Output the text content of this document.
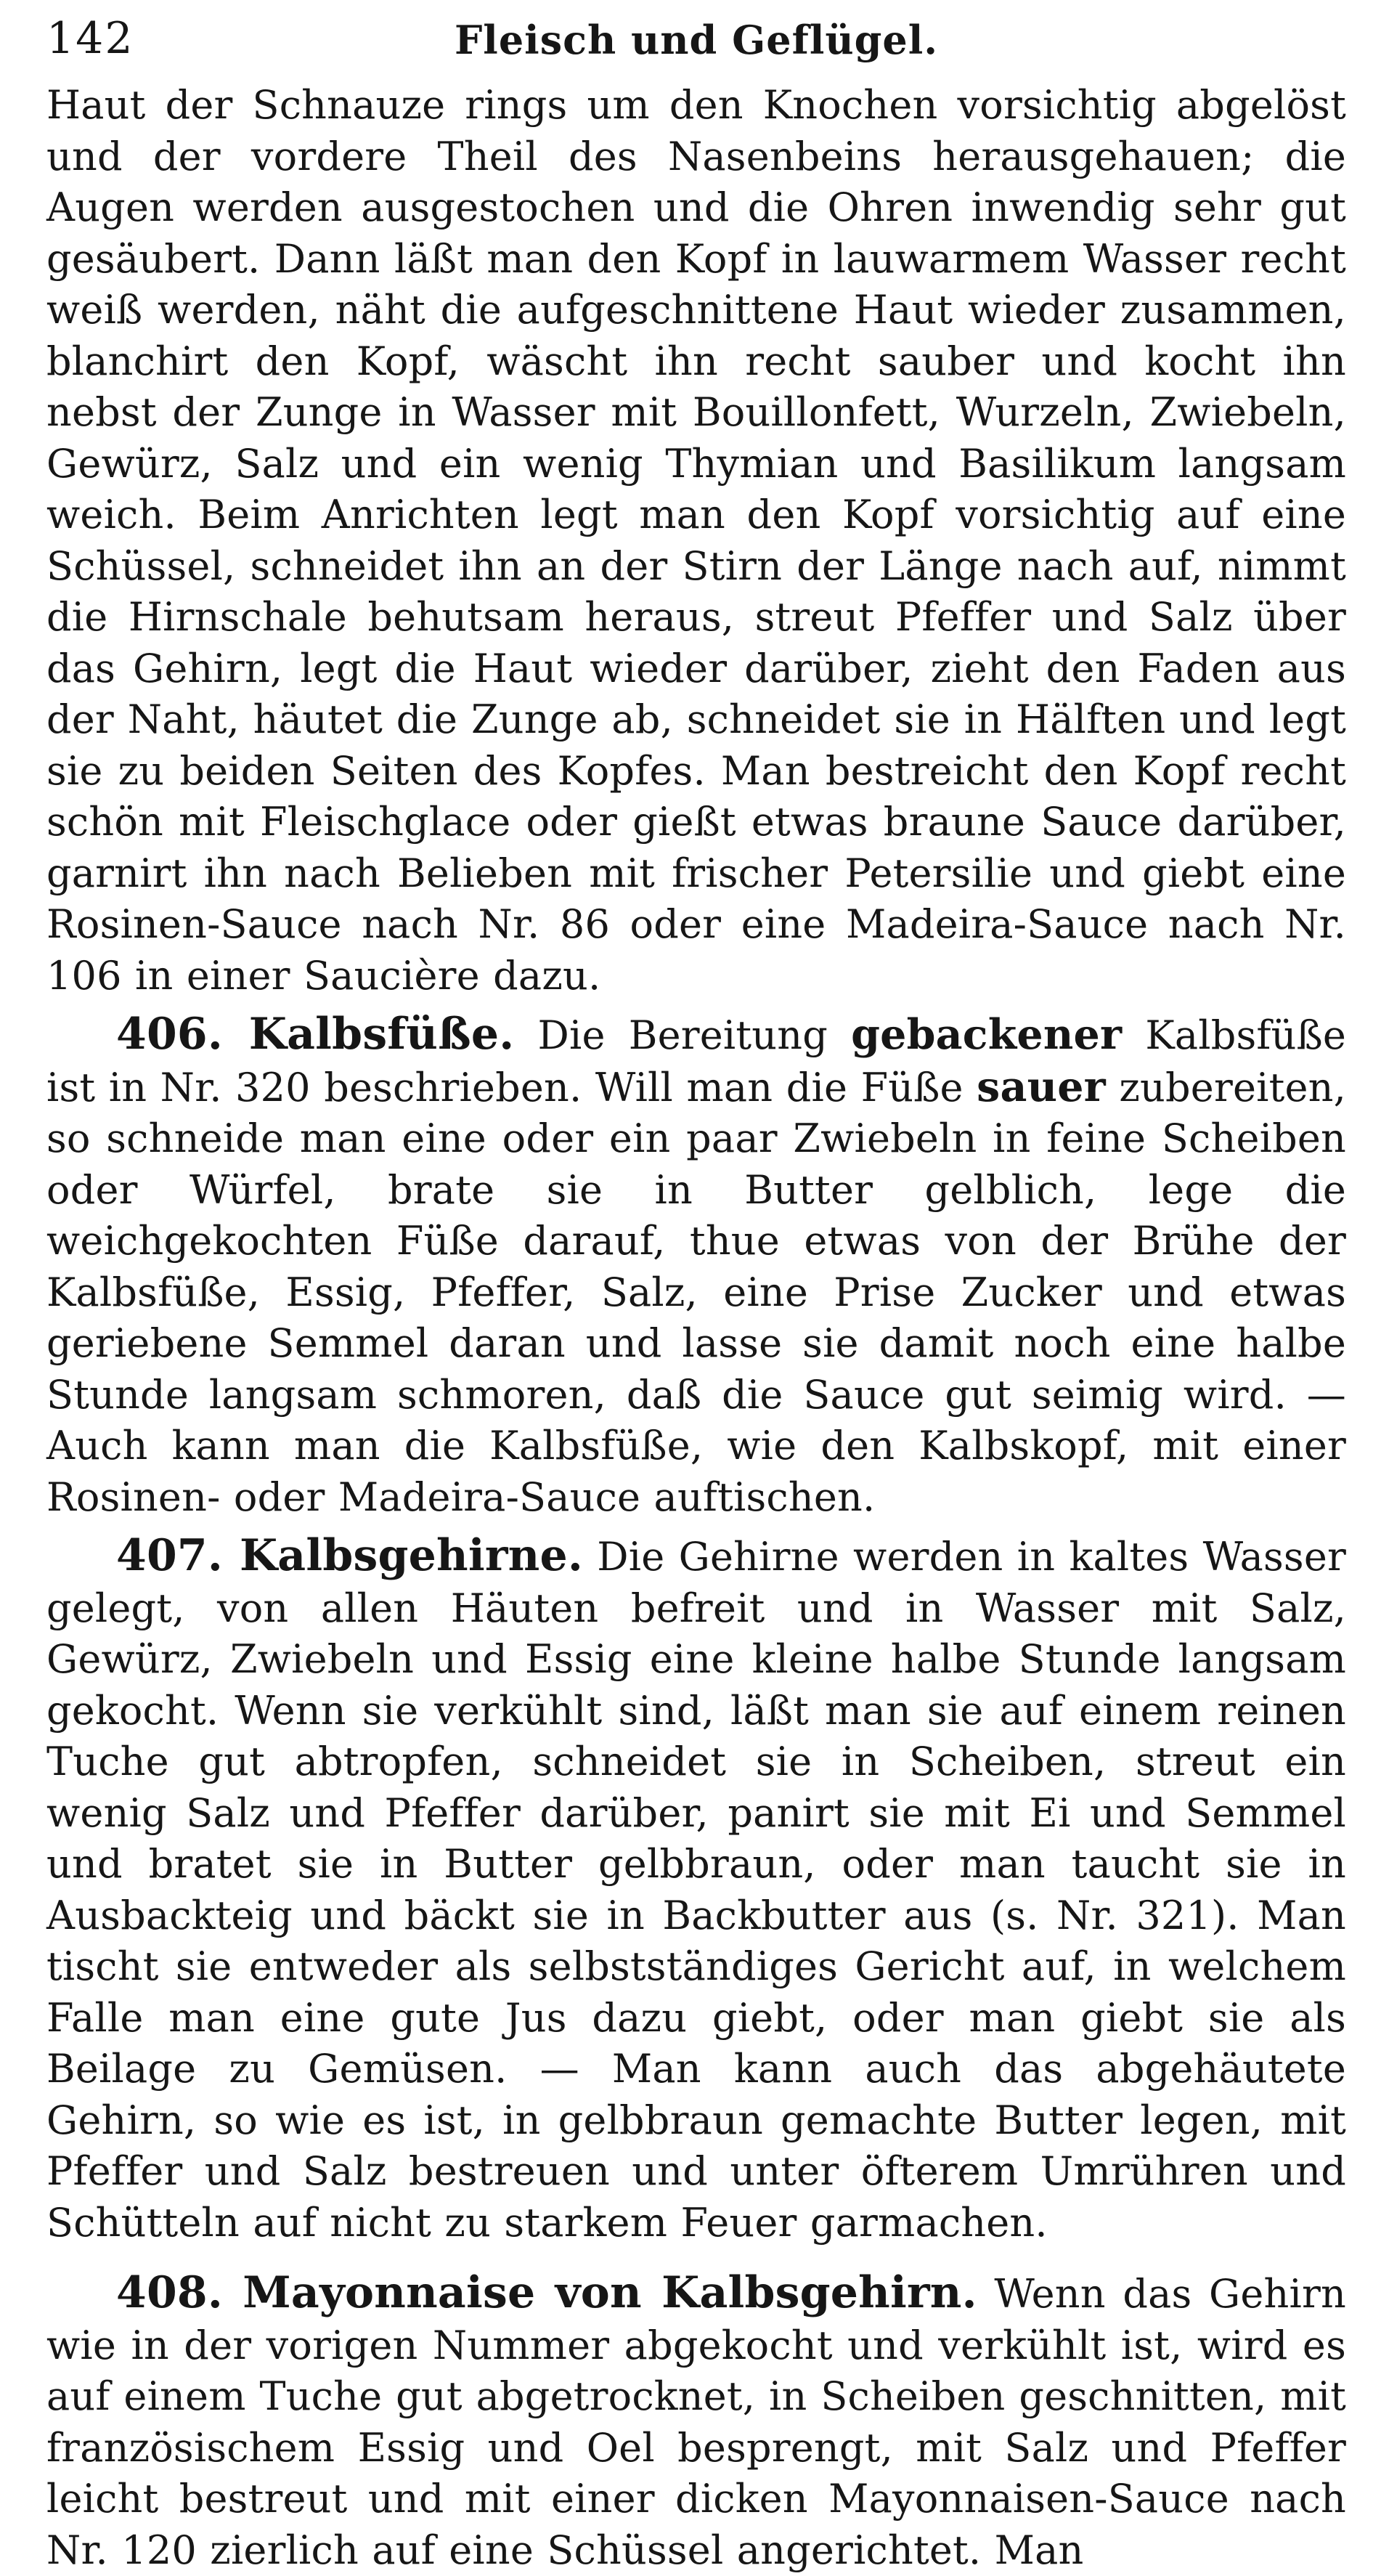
142	Fleisch und Geflügel.

Haut der Schnauze rings um den Knochen vorsichtig abgelöst und der vordere Theil des Nasenbeins herausgehauen; die Augen werden ausgestochen und die Ohren inwendig sehr gut gesäubert. Dann läßt man den Kopf in lauwarmem Wasser recht weiß werden, näht die aufgeschnittene Haut wieder zusammen, blanchirt den Kopf, wäscht ihn recht sauber und kocht ihn nebst der Zunge in Wasser mit Bouillonfett, Wurzeln, Zwiebeln, Gewürz, Salz und ein wenig Thymian und Basilikum langsam weich. Beim Anrichten legt man den Kopf vorsichtig auf eine Schüssel, schneidet ihn an der Stirn der Länge nach auf, nimmt die Hirnschale behutsam heraus, streut Pfeffer und Salz über das Gehirn, legt die Haut wieder darüber, zieht den Faden aus der Naht, häutet die Zunge ab, schneidet sie in Hälften und legt sie zu beiden Seiten des Kopfes. Man bestreicht den Kopf recht schön mit Fleischglace oder gießt etwas braune Sauce darüber, garnirt ihn nach Belieben mit frischer Petersilie und giebt eine Rosinen-Sauce nach Nr. 86 oder eine Madeira-Sauce nach Nr. 106 in einer Saucière dazu.

406. Kalbsfüße. Die Bereitung gebackener Kalbsfüße ist in Nr. 320 beschrieben. Will man die Füße sauer zubereiten, so schneide man eine oder ein paar Zwiebeln in feine Scheiben oder Würfel, brate sie in Butter gelblich, lege die weichgekochten Füße darauf, thue etwas von der Brühe der Kalbsfüße, Essig, Pfeffer, Salz, eine Prise Zucker und etwas geriebene Semmel daran und lasse sie damit noch eine halbe Stunde langsam schmoren, daß die Sauce gut seimig wird. — Auch kann man die Kalbsfüße, wie den Kalbskopf, mit einer Rosinen- oder Madeira-Sauce auftischen.

407. Kalbsgehirne. Die Gehirne werden in kaltes Wasser gelegt, von allen Häuten befreit und in Wasser mit Salz, Gewürz, Zwiebeln und Essig eine kleine halbe Stunde langsam gekocht. Wenn sie verkühlt sind, läßt man sie auf einem reinen Tuche gut abtropfen, schneidet sie in Scheiben, streut ein wenig Salz und Pfeffer darüber, panirt sie mit Ei und Semmel und bratet sie in Butter gelbbraun, oder man taucht sie in Ausbackteig und bäckt sie in Backbutter aus (s. Nr. 321). Man tischt sie entweder als selbstständiges Gericht auf, in welchem Falle man eine gute Jus dazu giebt, oder man giebt sie als Beilage zu Gemüsen. — Man kann auch das abgehäutete Gehirn, so wie es ist, in gelbbraun gemachte Butter legen, mit Pfeffer und Salz bestreuen und unter öfterem Umrühren und Schütteln auf nicht zu starkem Feuer garmachen.

408. Mayonnaise von Kalbsgehirn. Wenn das Gehirn wie in der vorigen Nummer abgekocht und verkühlt ist, wird es auf einem Tuche gut abgetrocknet, in Scheiben geschnitten, mit französischem Essig und Oel besprengt, mit Salz und Pfeffer leicht bestreut und mit einer dicken Mayonnaisen-Sauce nach Nr. 120 zierlich auf eine Schüssel angerichtet. Man
